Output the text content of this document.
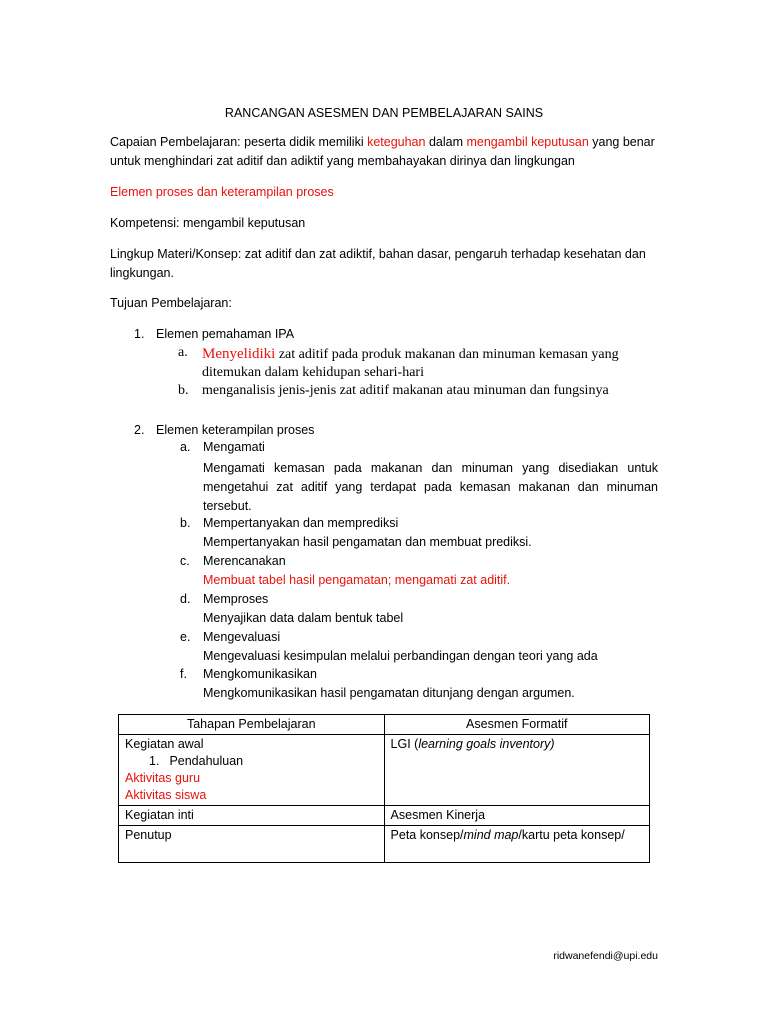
RANCANGAN ASESMEN DAN PEMBELAJARAN SAINS
Capaian Pembelajaran: peserta didik memiliki keteguhan dalam mengambil keputusan yang benar untuk menghindari zat aditif dan adiktif yang membahayakan dirinya dan lingkungan
Elemen proses dan keterampilan proses
Kompetensi: mengambil keputusan
Lingkup Materi/Konsep: zat aditif dan zat adiktif, bahan dasar, pengaruh terhadap kesehatan dan lingkungan.
Tujuan Pembelajaran:
1. Elemen pemahaman IPA
a. Menyelidiki zat aditif pada produk makanan dan minuman kemasan yang ditemukan dalam kehidupan sehari-hari
b. menganalisis jenis-jenis zat aditif makanan atau minuman dan fungsinya
2. Elemen keterampilan proses
a. Mengamati
Mengamati kemasan pada makanan dan minuman yang disediakan untuk mengetahui zat aditif yang terdapat pada kemasan makanan dan minuman tersebut.
b. Mempertanyakan dan memprediksi
Mempertanyakan hasil pengamatan dan membuat prediksi.
c. Merencanakan
Membuat tabel hasil pengamatan; mengamati zat aditif.
d. Memproses
Menyajikan data dalam bentuk tabel
e. Mengevaluasi
Mengevaluasi kesimpulan melalui perbandingan dengan teori yang ada
f. Mengkomunikasikan
Mengkomunikasikan hasil pengamatan ditunjang dengan argumen.
Tahapan Pembelajaran	Asesmen Formatif

Kegiatan awal
1. Pendahuluan
Aktivitas guru
Aktivitas siswa	LGI (learning goals inventory)
Kegiatan inti	Asesmen Kinerja
Penutup	Peta konsep/mind map/kartu peta konsep/
ridwanefendi@upi.edu
